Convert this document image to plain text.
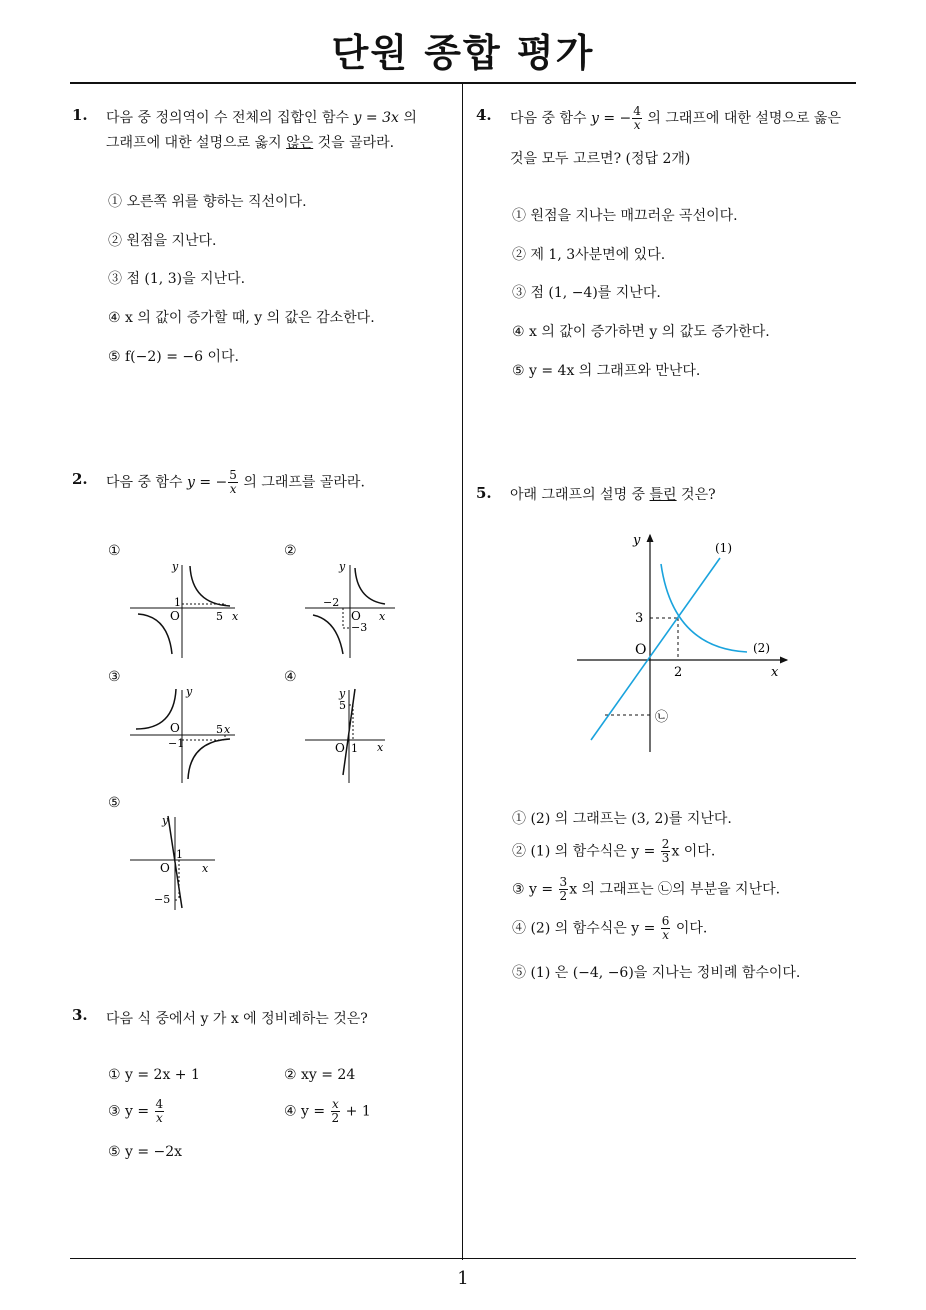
단원 종합 평가
1
1. 다음 중 정의역이 수 전체의 집합인 함수 y = 3x 의
그래프에 대한 설명으로 옳지 않은 것을 골라라.
① 오른쪽 위를 향하는 직선이다.
② 원점을 지난다.
③ 점 (1, 3)을 지난다.
④ x 의 값이 증가할 때, y 의 값은 감소한다.
⑤ f(−2) = −6 이다.
2. 다음 중 함수 y = − $\frac{5}{x}$ 의 그래프를 골라라.
①	②
③	④
⑤
y
x
O
1
5
y
x
O
−2
−3
y
x
O
−1
5
y
x
O
5
1
y
x
O
1
−5
3. 다음 식 중에서 y 가 x 에 정비례하는 것은?
① y = 2x + 1	② xy = 24
③ $y = \frac{4}{x}$	④ $y = \frac{x}{2} + 1$
⑤ y = −2x
4. 다음 중 함수 y = − $\frac{4}{x}$ 의 그래프에 대한 설명으로 옳은
것을 모두 고르면? (정답 2개)
① 원점을 지나는 매끄러운 곡선이다.
② 제 1, 3사분면에 있다.
③ 점 (1, −4)를 지난다.
④ x 의 값이 증가하면 y 의 값도 증가한다.
⑤ y = 4x 의 그래프와 만난다.
5. 아래 그래프의 설명 중 틀린 것은?
y
x
O
2
3
(1)
(2)
㉡
① (2) 의 그래프는 (3, 2)를 지난다.
② (1) 의 함수식은 $y = \frac{2}{3}$ x 이다.
③ $y = \frac{3}{2}$ x 의 그래프는 ㉡의 부분을 지난다.
④ (2) 의 함수식은 $y = \frac{6}{x}$ 이다.
⑤ (1) 은 (−4, −6)을 지나는 정비례 함수이다.
